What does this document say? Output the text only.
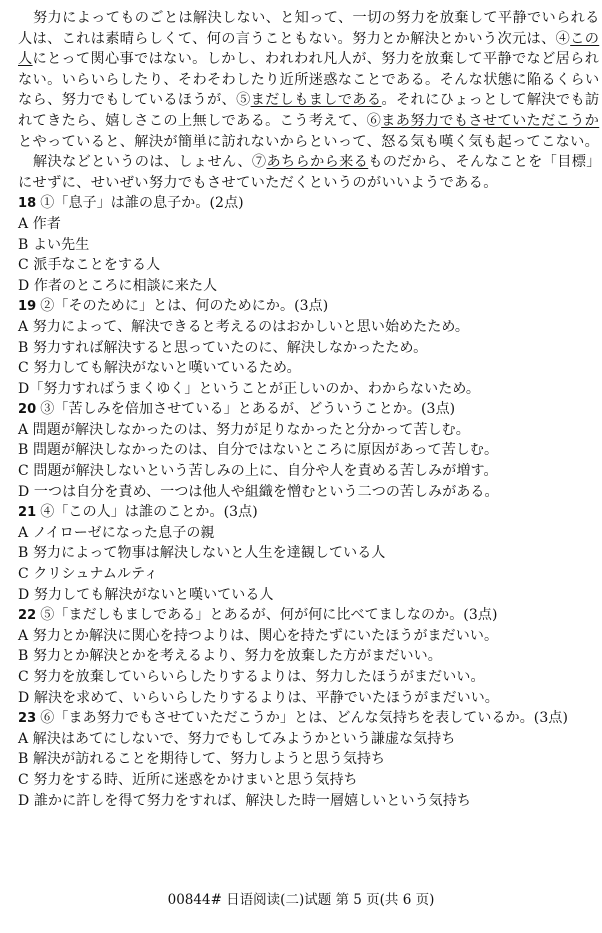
努力によってものごとは解決しない、と知って、一切の努力を放棄して平静でいられる
人は、これは素晴らしくて、何の言うこともない。努力とか解決とかいう次元は、④この
人にとって関心事ではない。しかし、われわれ凡人が、努力を放棄して平静でなど居られ
ない。いらいらしたり、そわそわしたり近所迷惑なことである。そんな状態に陥るくらい
なら、努力でもしているほうが、⑤まだしもましである。それにひょっとして解決でも訪
れてきたら、嬉しさこの上無しである。こう考えて、⑥まあ努力でもさせていただこうか
とやっていると、解決が簡単に訪れないからといって、怒る気も嘆く気も起ってこない。
解決などというのは、しょせん、⑦あちらから来るものだから、そんなことを「目標」
にせずに、せいぜい努力でもさせていただくというのがいいようである。
18 ①「息子」は誰の息子か。(2点)
A 作者
B よい先生
C 派手なことをする人
D 作者のところに相談に来た人
19 ②「そのために」とは、何のためにか。(3点)
A 努力によって、解決できると考えるのはおかしいと思い始めたため。
B 努力すれば解決すると思っていたのに、解決しなかったため。
C 努力しても解決がないと嘆いているため。
D「努力すればうまくゆく」ということが正しいのか、わからないため。
20 ③「苦しみを倍加させている」とあるが、どういうことか。(3点)
A 問題が解決しなかったのは、努力が足りなかったと分かって苦しむ。
B 問題が解決しなかったのは、自分ではないところに原因があって苦しむ。
C 問題が解決しないという苦しみの上に、自分や人を責める苦しみが増す。
D 一つは自分を責め、一つは他人や組織を憎むという二つの苦しみがある。
21 ④「この人」は誰のことか。(3点)
A ノイローゼになった息子の親
B 努力によって物事は解決しないと人生を達観している人
C クリシュナムルティ
D 努力しても解決がないと嘆いている人
22 ⑤「まだしもましである」とあるが、何が何に比べてましなのか。(3点)
A 努力とか解決に関心を持つよりは、関心を持たずにいたほうがまだいい。
B 努力とか解決とかを考えるより、努力を放棄した方がまだいい。
C 努力を放棄していらいらしたりするよりは、努力したほうがまだいい。
D 解決を求めて、いらいらしたりするよりは、平静でいたほうがまだいい。
23 ⑥「まあ努力でもさせていただこうか」とは、どんな気持ちを表しているか。(3点)
A 解決はあてにしないで、努力でもしてみようかという謙虚な気持ち
B 解決が訪れることを期待して、努力しようと思う気持ち
C 努力をする時、近所に迷惑をかけまいと思う気持ち
D 誰かに許しを得て努力をすれば、解決した時一層嬉しいという気持ち
00844# 日语阅读(二)试题 第 5 页(共 6 页)
